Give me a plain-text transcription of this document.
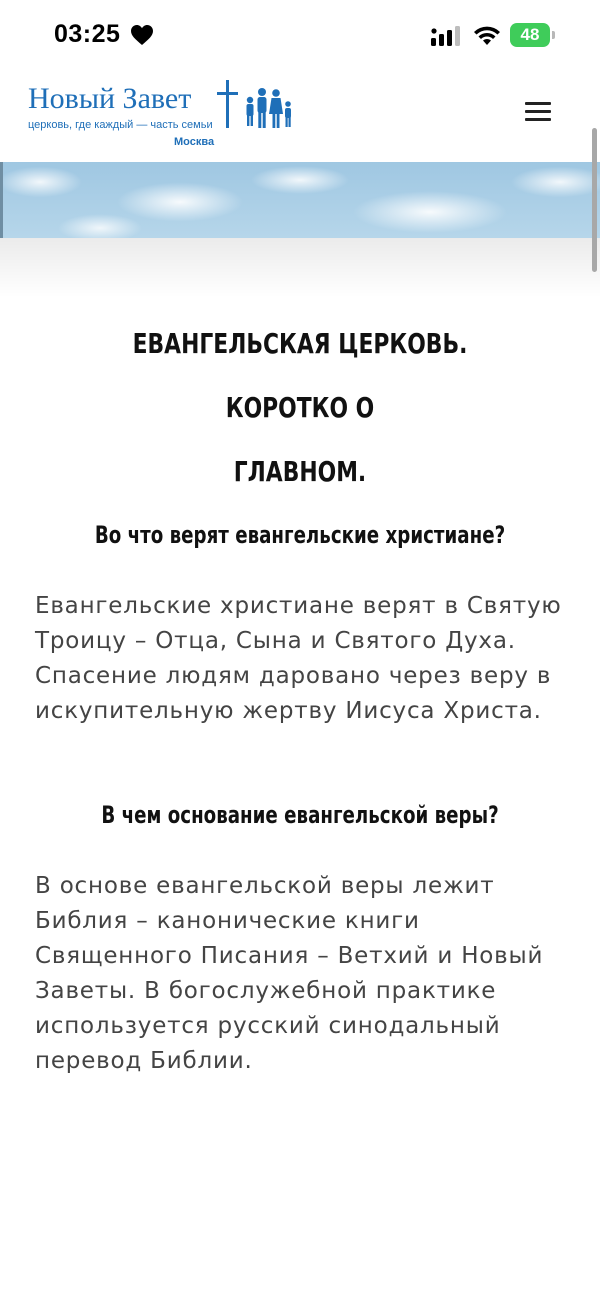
03:25	48
Новый Завет
церковь, где каждый — часть семьи
Москва
ЕВАНГЕЛЬСКАЯ ЦЕРКОВЬ. КОРОТКО О
ГЛАВНОМ.
Во что верят евангельские христиане?
Евангельские христиане верят в Святую
Троицу – Отца, Сына и Святого Духа.
Спасение людям даровано через веру в
искупительную жертву Иисуса Христа.
В чем основание евангельской веры?
В основе евангельской веры лежит
Библия – канонические книги
Священного Писания – Ветхий и Новый
Заветы. В богослужебной практике
используется русский синодальный
перевод Библии.
